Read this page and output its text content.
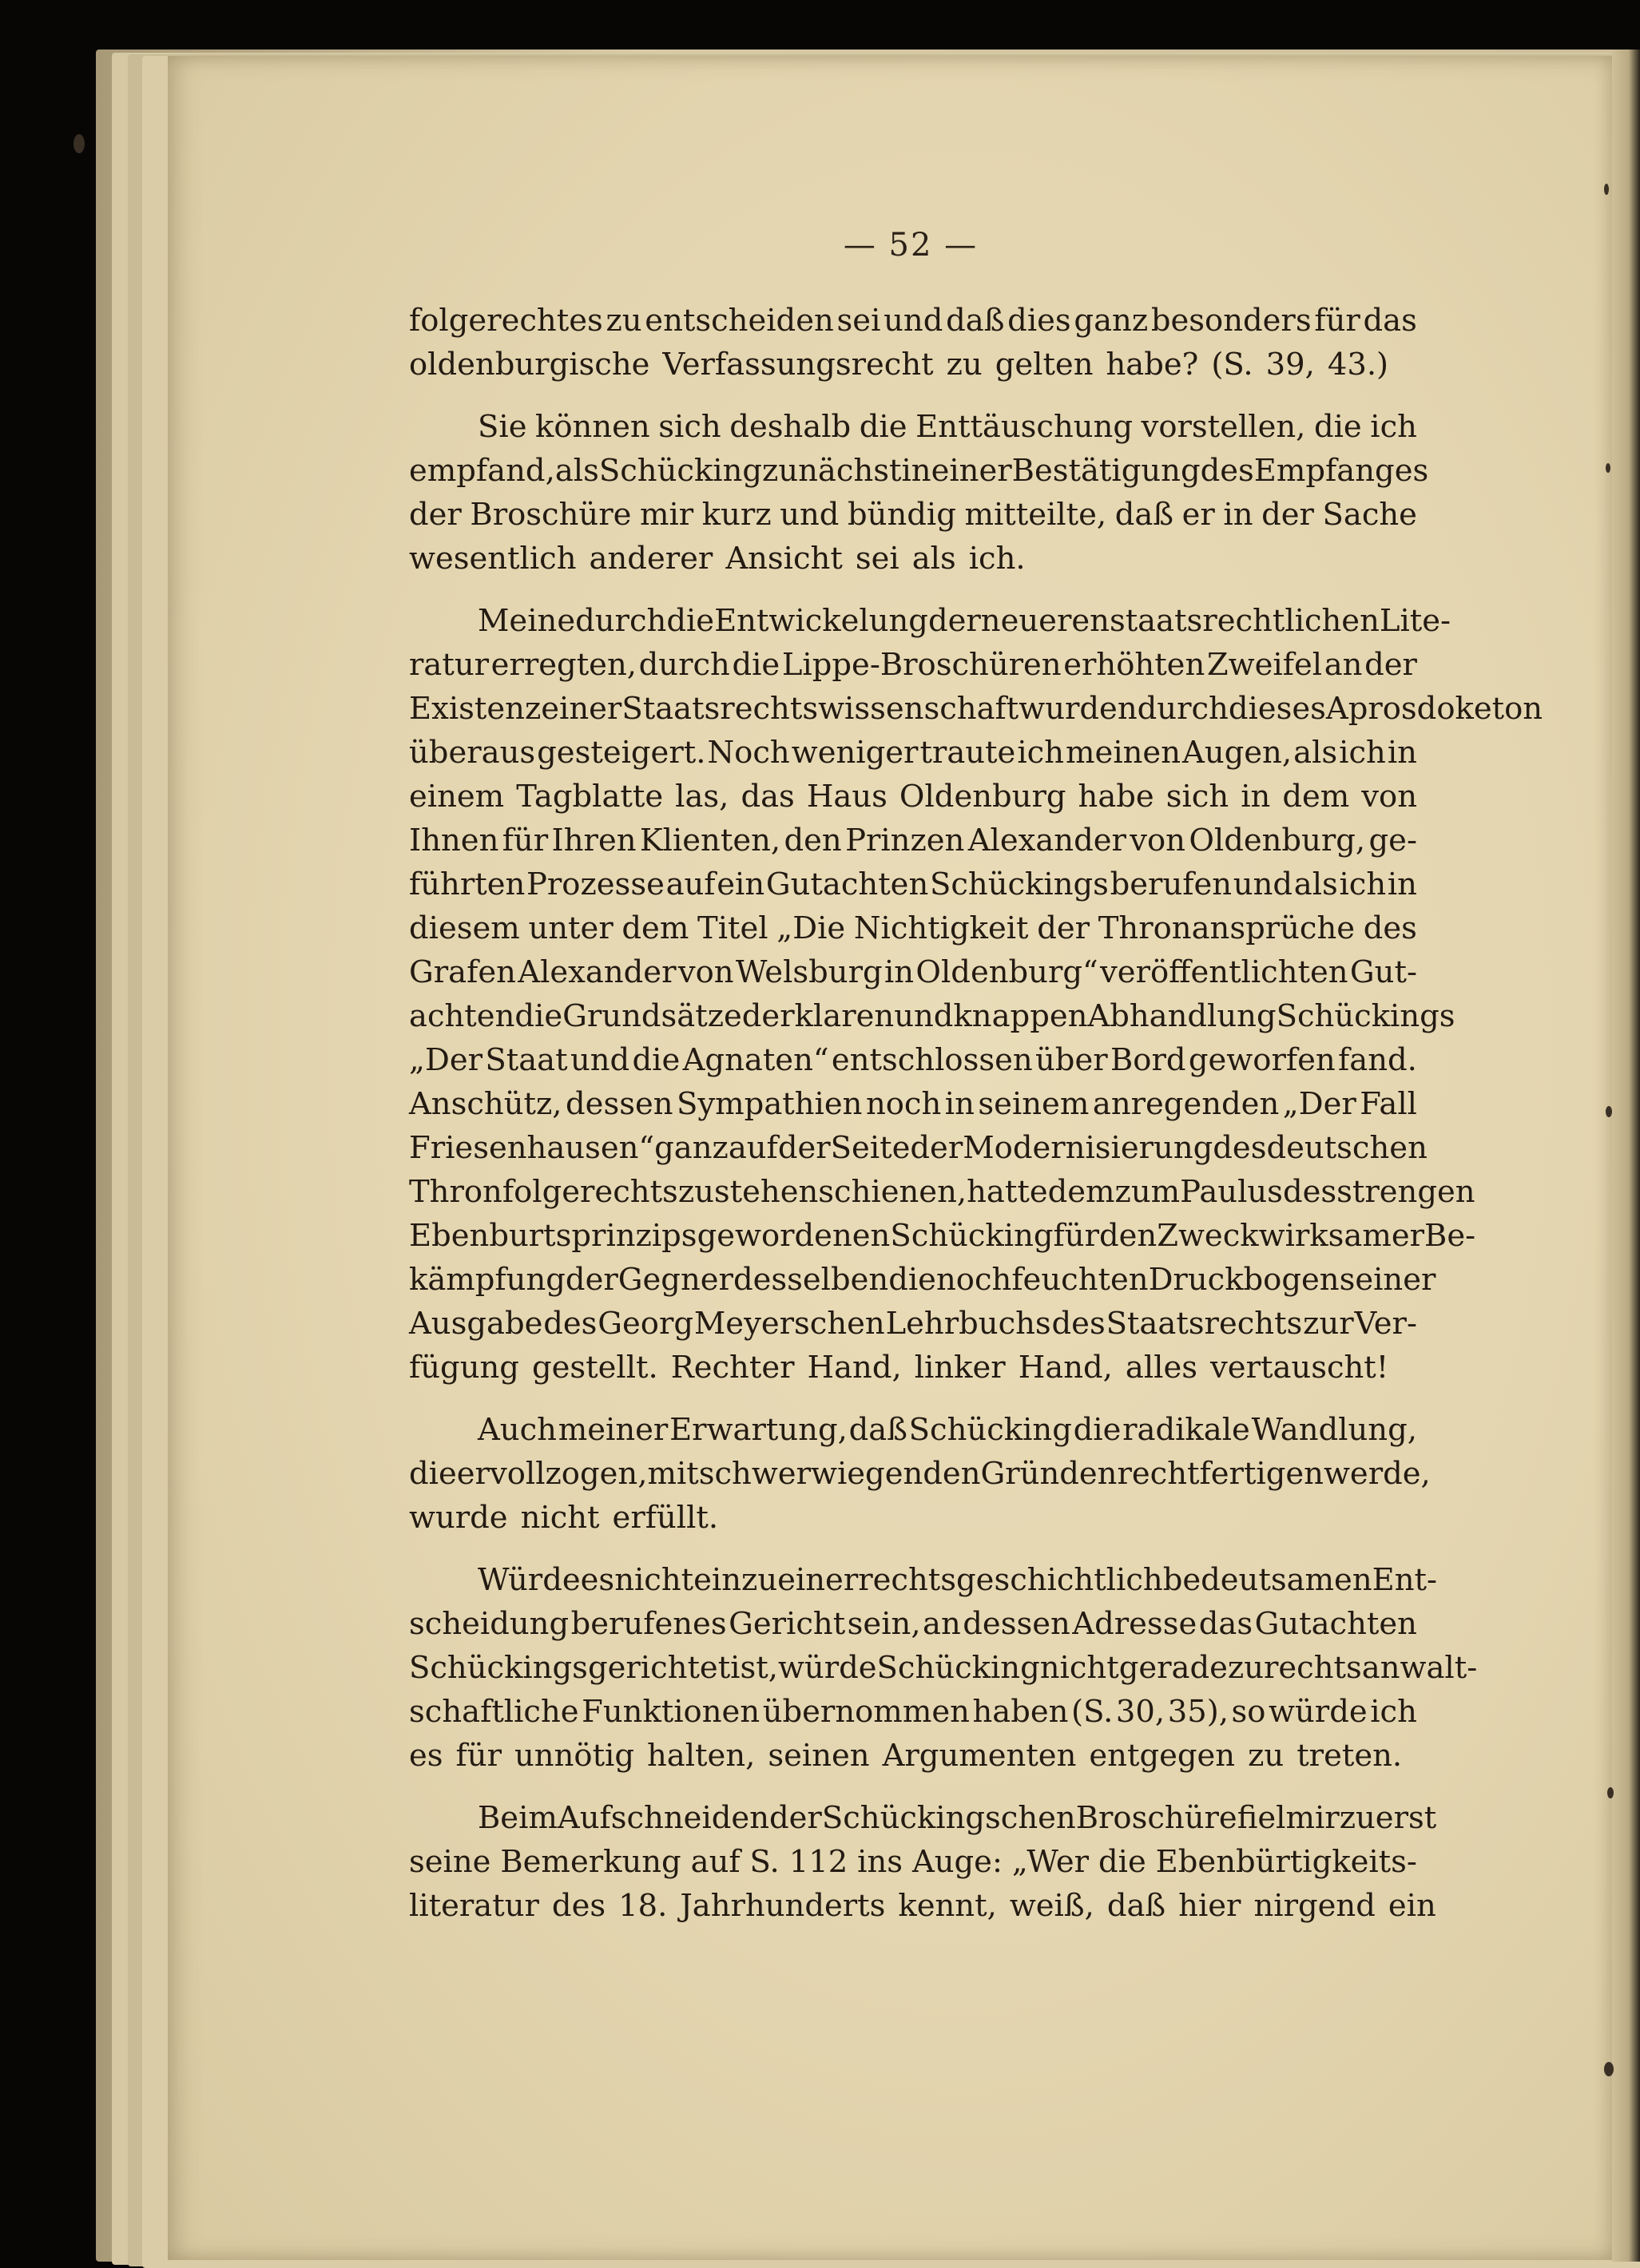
— 52 —
folgerechtes zu entscheiden sei und daß dies ganz besonders für das
oldenburgische Verfassungsrecht zu gelten habe? (S. 39, 43.)
Sie können sich deshalb die Enttäuschung vorstellen, die ich
empfand, als Schücking zunächst in einer Bestätigung des Empfanges
der Broschüre mir kurz und bündig mitteilte, daß er in der Sache
wesentlich anderer Ansicht sei als ich.
Meine durch die Entwickelung der neueren staatsrechtlichen Lite-
ratur erregten, durch die Lippe-Broschüren erhöhten Zweifel an der
Existenz einer Staatsrechtswissenschaft wurden durch dieses Aprosdoketon
überaus gesteigert. Noch weniger traute ich meinen Augen, als ich in
einem Tagblatte las, das Haus Oldenburg habe sich in dem von
Ihnen für Ihren Klienten, den Prinzen Alexander von Oldenburg, ge-
führten Prozesse auf ein Gutachten Schückings berufen und als ich in
diesem unter dem Titel „Die Nichtigkeit der Thronansprüche des
Grafen Alexander von Welsburg in Oldenburg“ veröffentlichten Gut-
achten die Grundsätze der klaren und knappen Abhandlung Schückings
„Der Staat und die Agnaten“ entschlossen über Bord geworfen fand.
Anschütz, dessen Sympathien noch in seinem anregenden „Der Fall
Friesenhausen“ ganz auf der Seite der Modernisierung des deutschen
Thronfolgerechts zu stehen schienen, hatte dem zum Paulus des strengen
Ebenburtsprinzips gewordenen Schücking für den Zweck wirksamer Be-
kämpfung der Gegner desselben die noch feuchten Druckbogen seiner
Ausgabe des Georg Meyerschen Lehrbuchs des Staatsrechts zur Ver-
fügung gestellt. Rechter Hand, linker Hand, alles vertauscht!
Auch meiner Erwartung, daß Schücking die radikale Wandlung,
die er vollzogen, mit schwerwiegenden Gründen rechtfertigen werde,
wurde nicht erfüllt.
Würde es nicht ein zu einer rechtsgeschichtlich bedeutsamen Ent-
scheidung berufenes Gericht sein, an dessen Adresse das Gutachten
Schückings gerichtet ist, würde Schücking nicht geradezu rechtsanwalt-
schaftliche Funktionen übernommen haben (S. 30, 35), so würde ich
es für unnötig halten, seinen Argumenten entgegen zu treten.
Beim Aufschneiden der Schückingschen Broschüre fiel mir zuerst
seine Bemerkung auf S. 112 ins Auge: „Wer die Ebenbürtigkeits-
literatur des 18. Jahrhunderts kennt, weiß, daß hier nirgend ein
